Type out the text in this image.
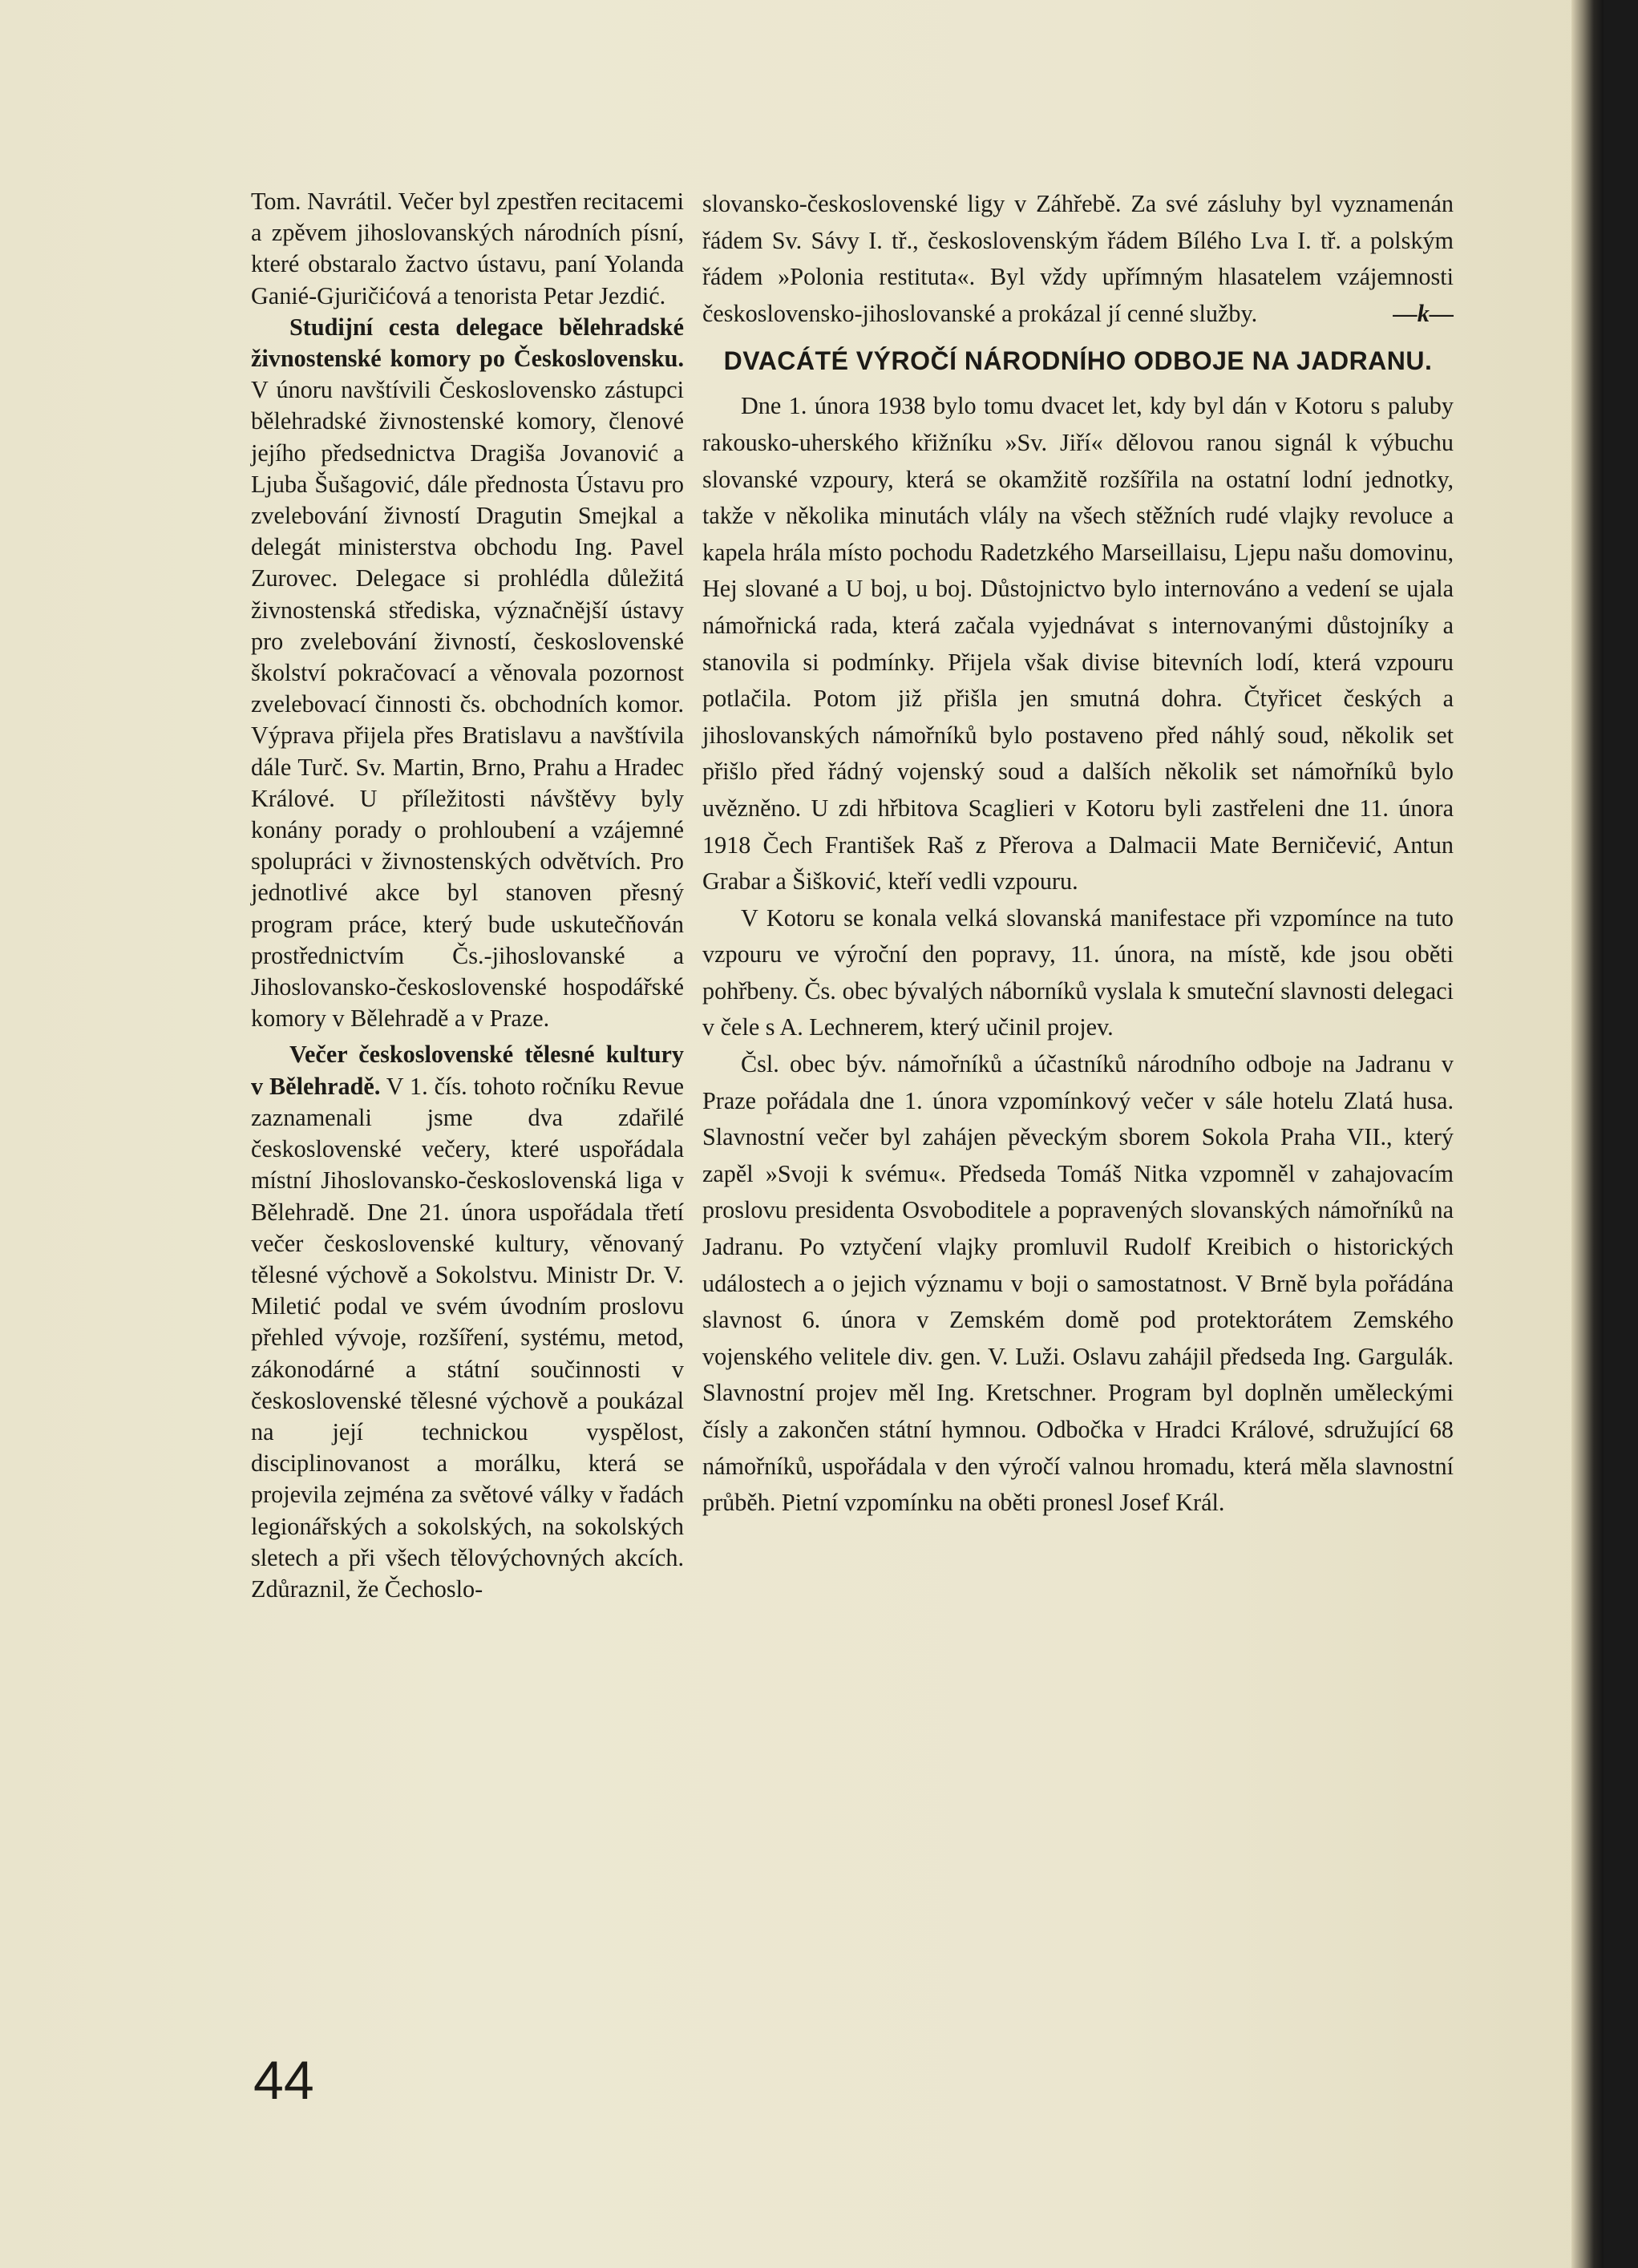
Tom. Navrátil. Večer byl zpestřen recitacemi a zpěvem jihoslovanských národních písní, které obstaralo žactvo ústavu, paní Yolanda Ganié-Gjuričićová a tenorista Petar Jezdić.

Studijní cesta delegace bělehradské živnostenské komory po Československu. V únoru navštívili Československo zástupci bělehradské živnostenské komory, členové jejího předsednictva Dragiša Jovanović a Ljuba Šušagović, dále přednosta Ústavu pro zvelebování živností Dragutin Smejkal a delegát ministerstva obchodu Ing. Pavel Zurovec. Delegace si prohlédla důležitá živnostenská střediska, význačnější ústavy pro zvelebování živností, československé školství pokračovací a věnovala pozornost zvelebovací činnosti čs. obchodních komor. Výprava přijela přes Bratislavu a navštívila dále Turč. Sv. Martin, Brno, Prahu a Hradec Králové. U příležitosti návštěvy byly konány porady o prohloubení a vzájemné spolupráci v živnostenských odvětvích. Pro jednotlivé akce byl stanoven přesný program práce, který bude uskutečňován prostřednictvím Čs.-jihoslovanské a Jihoslovansko-československé hospodářské komory v Bělehradě a v Praze.

Večer československé tělesné kultury v Bělehradě. V 1. čís. tohoto ročníku Revue zaznamenali jsme dva zdařilé československé večery, které uspořádala místní Jihoslovansko-československá liga v Bělehradě. Dne 21. února uspořádala třetí večer československé kultury, věnovaný tělesné výchově a Sokolstvu. Ministr Dr. V. Miletić podal ve svém úvodním proslovu přehled vývoje, rozšíření, systému, metod, zákonodárné a státní součinnosti v československé tělesné výchově a poukázal na její technickou vyspělost, disciplinovanost a morálku, která se projevila zejména za světové války v řadách legionářských a sokolských, na sokolských sletech a při všech tělovýchovných akcích. Zdůraznil, že Čechoslo-

slovansko-československé ligy v Záhřebě. Za své zásluhy byl vyznamenán řádem Sv. Sávy I. tř., československým řádem Bílého Lva I. tř. a polským řádem »Polonia restituta«. Byl vždy upřímným hlasatelem vzájemnosti československo-jihoslovanské a prokázal jí cenné služby.	—k—
DVACÁTÉ VÝROČÍ NÁRODNÍHO ODBOJE NA JADRANU.

Dne 1. února 1938 bylo tomu dvacet let, kdy byl dán v Kotoru s paluby rakousko-uherského křižníku »Sv. Jiří« dělovou ranou signál k výbuchu slovanské vzpoury, která se okamžitě rozšířila na ostatní lodní jednotky, takže v několika minutách vlály na všech stěžních rudé vlajky revoluce a kapela hrála místo pochodu Radetzkého Marseillaisu, Ljepu našu domovinu, Hej slované a U boj, u boj. Důstojnictvo bylo internováno a vedení se ujala námořnická rada, která začala vyjednávat s internovanými důstojníky a stanovila si podmínky. Přijela však divise bitevních lodí, která vzpouru potlačila. Potom již přišla jen smutná dohra. Čtyřicet českých a jihoslovanských námořníků bylo postaveno před náhlý soud, několik set přišlo před řádný vojenský soud a dalších několik set námořníků bylo uvězněno. U zdi hřbitova Scaglieri v Kotoru byli zastřeleni dne 11. února 1918 Čech František Raš z Přerova a Dalmacii Mate Berničević, Antun Grabar a Šišković, kteří vedli vzpouru.

V Kotoru se konala velká slovanská manifestace při vzpomínce na tuto vzpouru ve výroční den popravy, 11. února, na místě, kde jsou oběti pohřbeny. Čs. obec bývalých náborníků vyslala k smuteční slavnosti delegaci v čele s A. Lechnerem, který učinil projev.

Čsl. obec býv. námořníků a účastníků národního odboje na Jadranu v Praze pořádala dne 1. února vzpomínkový večer v sále hotelu Zlatá husa. Slavnostní večer byl zahájen pěveckým sborem Sokola Praha VII., který zapěl »Svoji k svému«. Předseda Tomáš Nitka vzpomněl v zahajovacím proslovu presidenta Osvoboditele a popravených slovanských námořníků na Jadranu. Po vztyčení vlajky promluvil Rudolf Kreibich o historických událostech a o jejich významu v boji o samostatnost. V Brně byla pořádána slavnost 6. února v Zemském domě pod protektorátem Zemského vojenského velitele div. gen. V. Luži. Oslavu zahájil předseda Ing. Gargulák. Slavnostní projev měl Ing. Kretschner. Program byl doplněn uměleckými čísly a zakončen státní hymnou. Odbočka v Hradci Králové, sdružující 68 námořníků, uspořádala v den výročí valnou hromadu, která měla slavnostní průběh. Pietní vzpomínku na oběti pronesl Josef Král.

44
